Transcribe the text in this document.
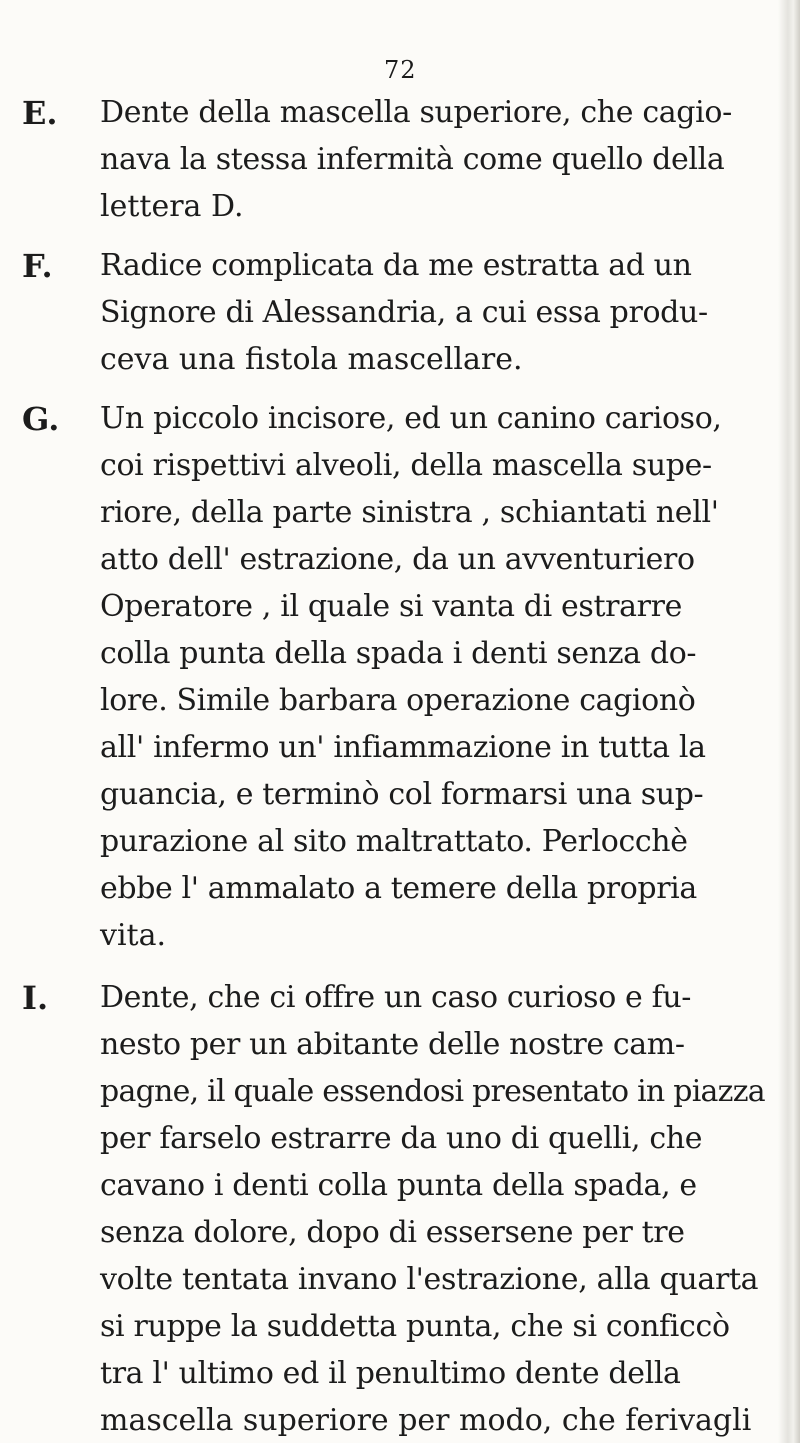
72
E. Dente della mascella superiore, che cagio-
nava la stessa infermità come quello della
lettera D.
F. Radice complicata da me estratta ad un
Signore di Alessandria, a cui essa produ-
ceva una fistola mascellare.
G. Un piccolo incisore, ed un canino carioso,
coi rispettivi alveoli, della mascella supe-
riore, della parte sinistra , schiantati nell'
atto dell' estrazione, da un avventuriero
Operatore , il quale si vanta di estrarre
colla punta della spada i denti senza do-
lore. Simile barbara operazione cagionò
all' infermo un' infiammazione in tutta la
guancia, e terminò col formarsi una sup-
purazione al sito maltrattato. Perlocchè
ebbe l' ammalato a temere della propria
vita.
I. Dente, che ci offre un caso curioso e fu-
nesto per un abitante delle nostre cam-
pagne, il quale essendosi presentato in piazza
per farselo estrarre da uno di quelli, che
cavano i denti colla punta della spada, e
senza dolore, dopo di essersene per tre
volte tentata invano l'estrazione, alla quarta
si ruppe la suddetta punta, che si conficcò
tra l' ultimo ed il penultimo dente della
mascella superiore per modo, che ferivagli
